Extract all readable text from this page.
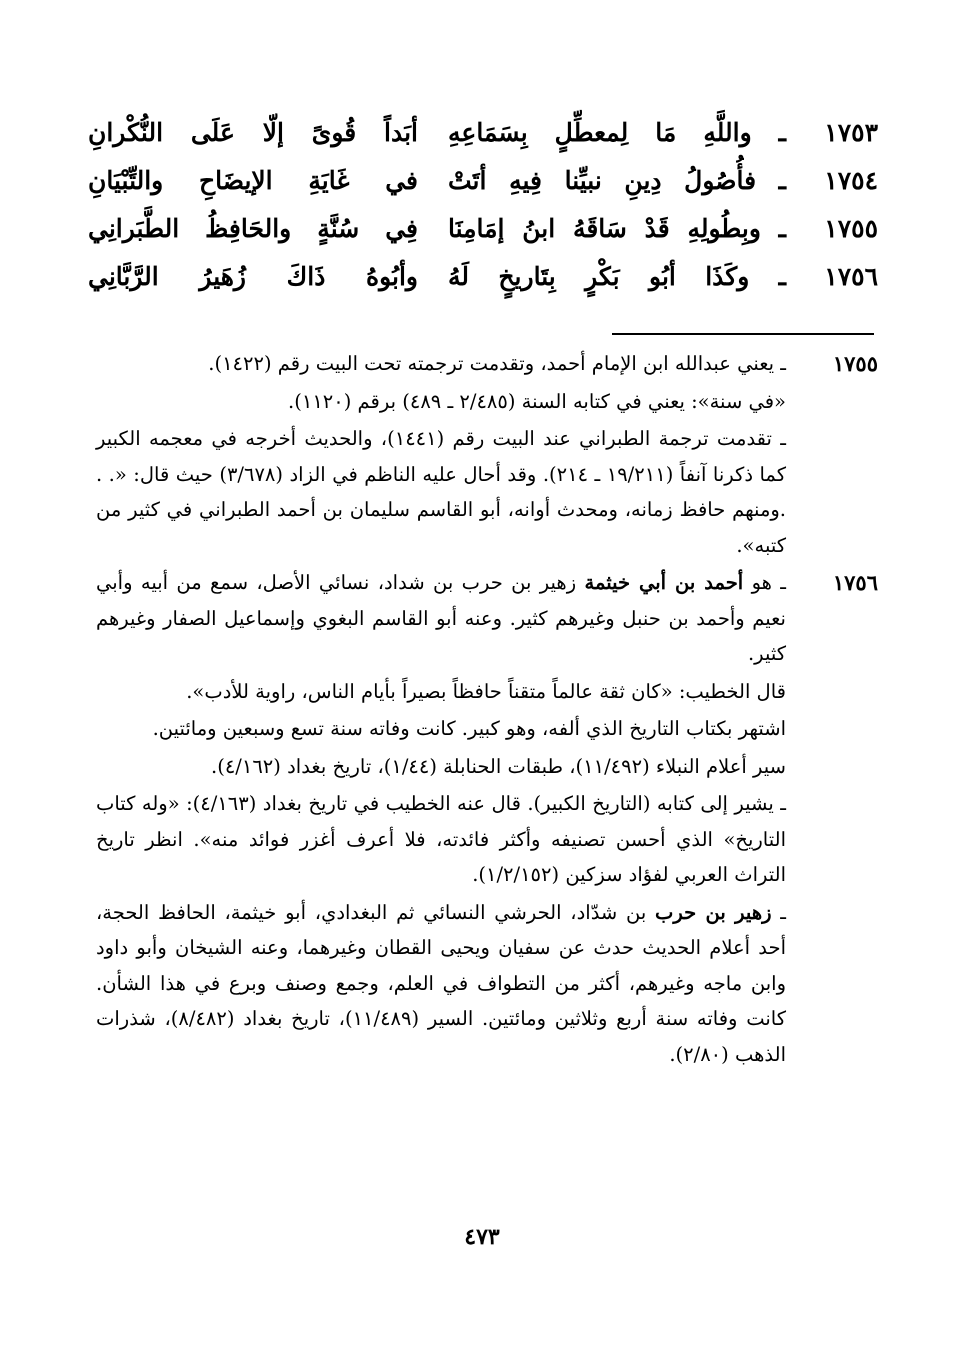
١٧٥٣
ـ واللَّهِ مَا لِمعطِّلٍ بِسَمَاعِهِ
أبَداً قُوىً إلّا عَلَى النُّكْرانِ
١٧٥٤
ـ فأُصُولُ دِينِ نبيِّنا فِيهِ أتَتْ
في غَايَةِ الإيضَاحِ والتِّبْيَانِ
١٧٥٥
ـ وبِطُولِهِ قَدْ سَاقَهُ ابنُ إمَامِنَا
فِي سُنَّةٍ والحَافِظُ الطَّبَرانِي
١٧٥٦
ـ وكَذَا أبُو بَكْرٍ بِتَاريخٍ لَهُ
وأبُوهُ ذَاكَ زُهَيرُ الرَّبَّانِي
١٧٥٥

ـ يعني عبدالله ابن الإمام أحمد، وتقدمت ترجمته تحت البيت رقم (١٤٢٢).

«في سنة»: يعني في كتابه السنة (٢/٤٨٥ ـ ٤٨٩) برقم (١١٢٠).

ـ تقدمت ترجمة الطبراني عند البيت رقم (١٤٤١)، والحديث أخرجه في معجمه الكبير كما ذكرنا آنفاً (١٩/٢١١ ـ ٢١٤). وقد أحال عليه الناظم في الزاد (٣/٦٧٨) حيث قال: «. . .ومنهم حافظ زمانه، ومحدث أوانه، أبو القاسم سليمان بن أحمد الطبراني في كثير من كتبه».

١٧٥٦

ـ هو أحمد بن أبي خيثمة زهير بن حرب بن شداد، نسائي الأصل، سمع من أبيه وأبي نعيم وأحمد بن حنبل وغيرهم كثير. وعنه أبو القاسم البغوي وإسماعيل الصفار وغيرهم كثير.

قال الخطيب: «كان ثقة عالماً متقناً حافظاً بصيراً بأيام الناس، راوية للأدب».

اشتهر بكتاب التاريخ الذي ألفه، وهو كبير. كانت وفاته سنة تسع وسبعين ومائتين.

سير أعلام النبلاء (١١/٤٩٢)، طبقات الحنابلة (١/٤٤)، تاريخ بغداد (٤/١٦٢).

ـ يشير إلى كتابه (التاريخ الكبير). قال عنه الخطيب في تاريخ بغداد (٤/١٦٣): «وله كتاب التاريخ» الذي أحسن تصنيفه وأكثر فائدته، فلا أعرف أغزر فوائد منه». انظر تاريخ التراث العربي لفؤاد سزكين (١/٢/١٥٢).

ـ زهير بن حرب بن شدّاد، الحرشي النسائي ثم البغدادي، أبو خيثمة، الحافظ الحجة، أحد أعلام الحديث حدث عن سفيان ويحيى القطان وغيرهما، وعنه الشيخان وأبو داود وابن ماجه وغيرهم، أكثر من التطواف في العلم، وجمع وصنف وبرع في هذا الشأن. كانت وفاته سنة أربع وثلاثين ومائتين. السير (١١/٤٨٩)، تاريخ بغداد (٨/٤٨٢)، شذرات الذهب (٢/٨٠).

٤٧٣
